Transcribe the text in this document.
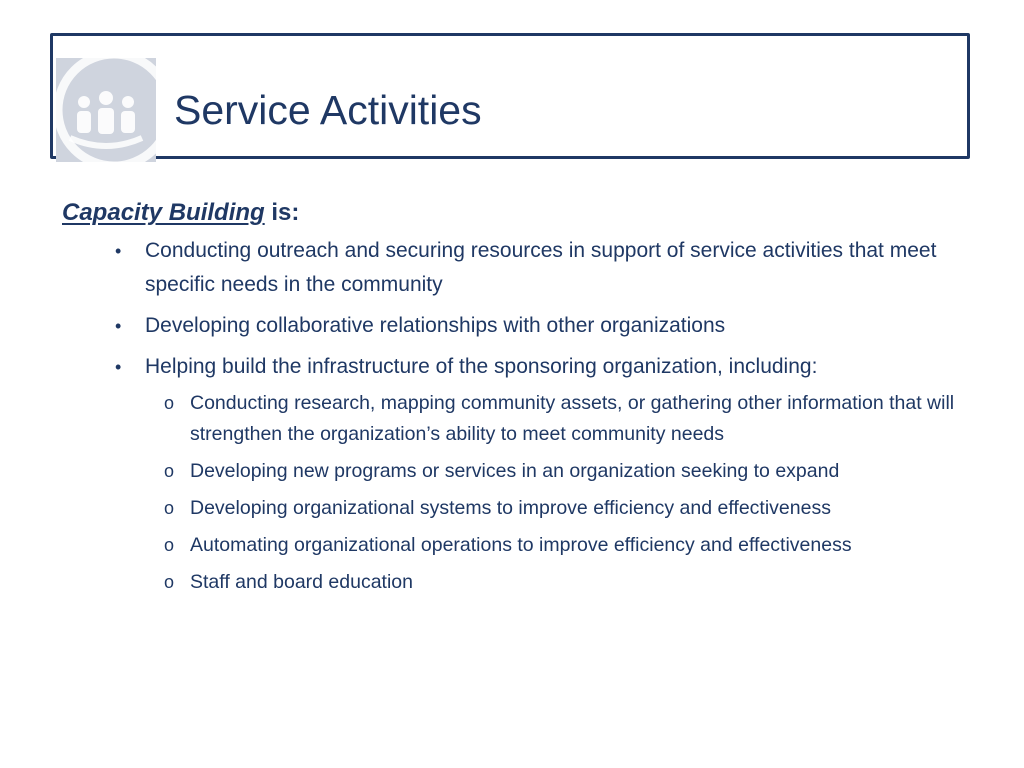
Service Activities
Capacity Building is:
• Conducting outreach and securing resources in support of service activities that meet specific needs in the community
• Developing collaborative relationships with other organizations
• Helping build the infrastructure of the sponsoring organization, including:
o Conducting research, mapping community assets, or gathering other information that will strengthen the organization’s ability to meet community needs
o Developing new programs or services in an organization seeking to expand
o Developing organizational systems to improve efficiency and effectiveness
o Automating organizational operations to improve efficiency and effectiveness
o Staff and board education
